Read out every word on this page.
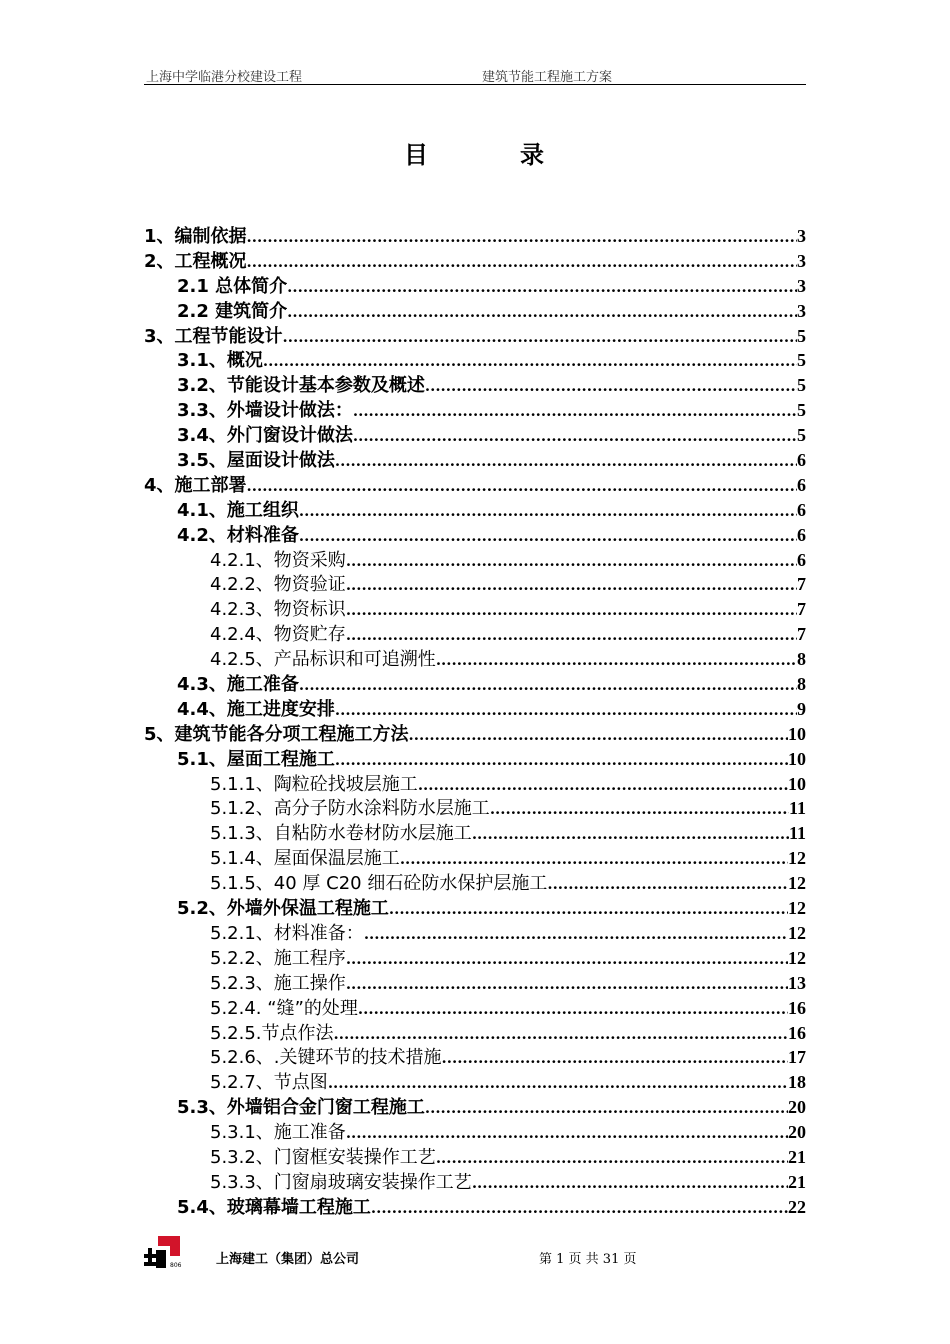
上海中学临港分校建设工程	建筑节能工程施工方案
目	录
1、编制依据 .....	3
2、工程概况 .....	3
2.1 总体简介 .....	3
2.2 建筑简介 .....	3
3、工程节能设计 .....	5
3.1、概况 .....	5
3.2、节能设计基本参数及概述 .....	5
3.3、外墙设计做法： .....	5
3.4、外门窗设计做法 .....	5
3.5、屋面设计做法 .....	6
4、施工部署 .....	6
4.1、施工组织 .....	6
4.2、材料准备 .....	6
4.2.1、物资采购 .....	6
4.2.2、物资验证 .....	7
4.2.3、物资标识 .....	7
4.2.4、物资贮存 .....	7
4.2.5、产品标识和可追溯性 .....	8
4.3、施工准备 .....	8
4.4、施工进度安排 .....	9
5、建筑节能各分项工程施工方法 .....	10
5.1、屋面工程施工 .....	10
5.1.1、陶粒砼找坡层施工 .....	10
5.1.2、高分子防水涂料防水层施工 .....	11
5.1.3、自粘防水卷材防水层施工 .....	11
5.1.4、屋面保温层施工 .....	12
5.1.5、40 厚 C20 细石砼防水保护层施工 .....	12
5.2、外墙外保温工程施工 .....	12
5.2.1、材料准备： .....	12
5.2.2、施工程序 .....	12
5.2.3、施工操作 .....	13
5.2.4. “缝”的处理 .....	16
5.2.5.节点作法 .....	16
5.2.6、.关键环节的技术措施 .....	17
5.2.7、节点图 .....	18
5.3、外墙铝合金门窗工程施工 .....	20
5.3.1、施工准备 .....	20
5.3.2、门窗框安装操作工艺 .....	21
5.3.3、门窗扇玻璃安装操作工艺 .....	21
5.4、玻璃幕墙工程施工 .....	22
806	上海建工（集团）总公司	第 1 页 共 31 页
